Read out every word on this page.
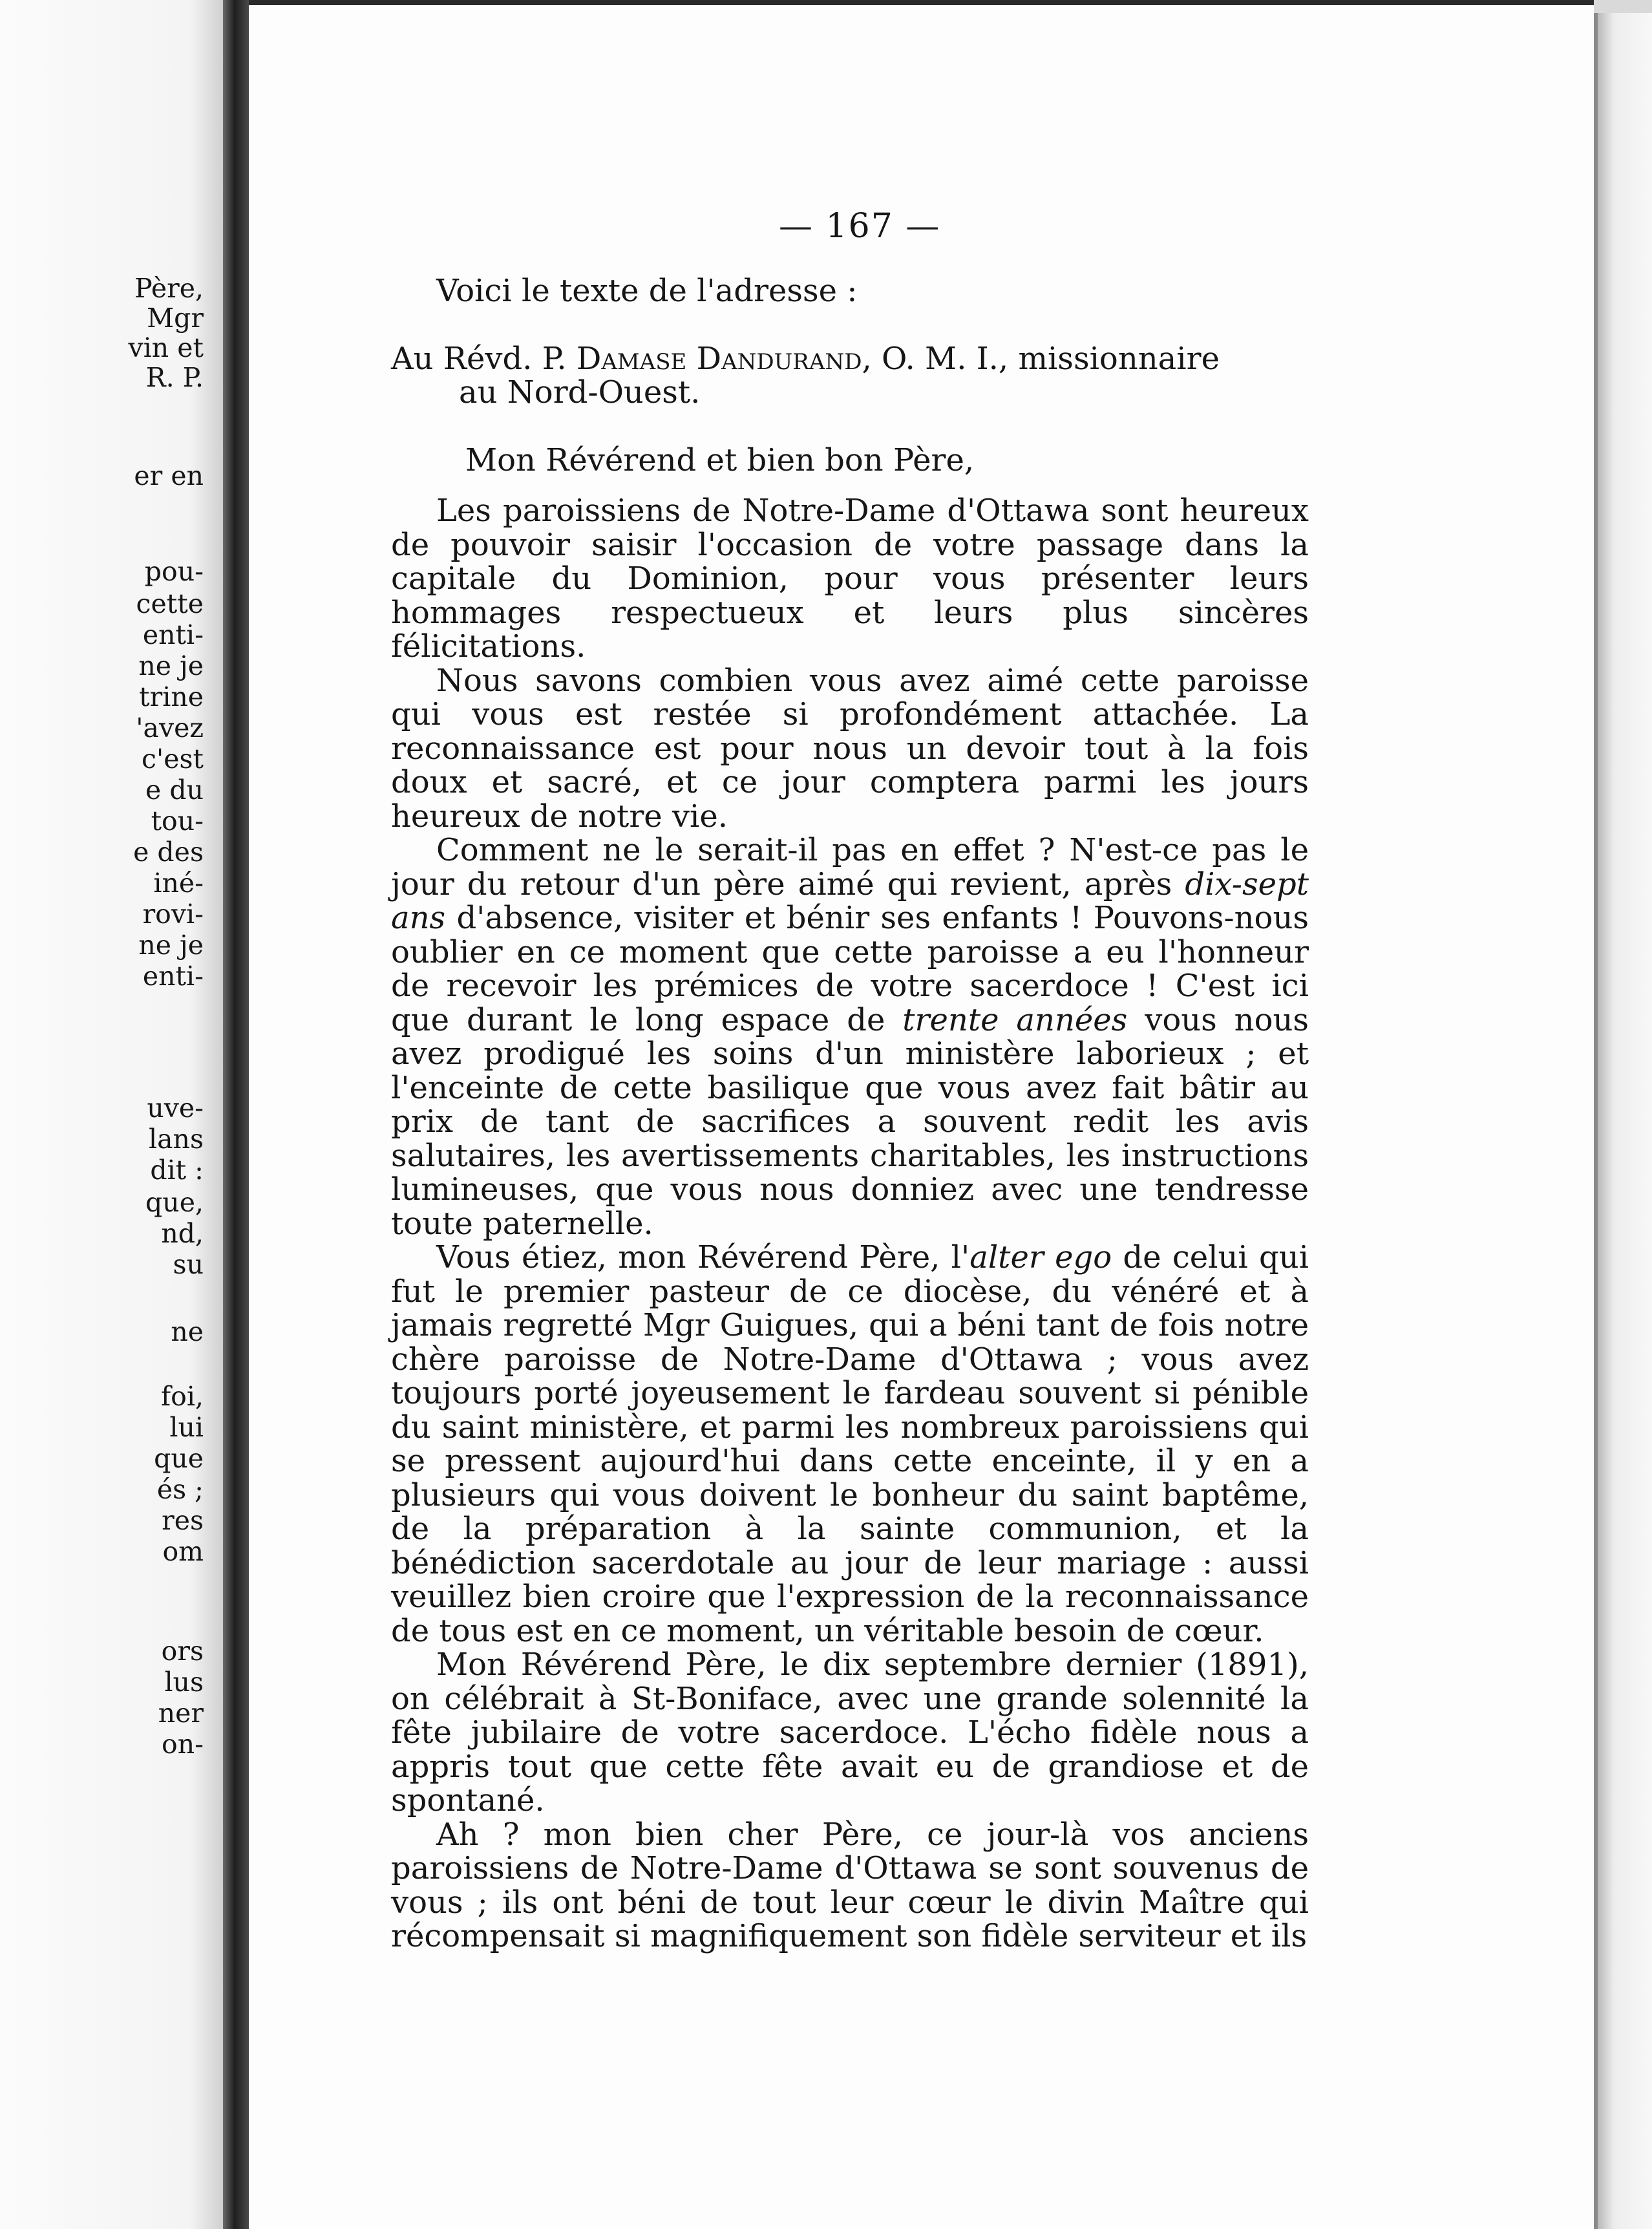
Père,

Mgr

vin et

R. P.

er en

pou-

cette

enti-

ne je

trine

'avez

c'est

e du

tou-

e des

iné-

rovi-

ne je

enti-

uve-

lans

dit :

que,

nd,

su

ne

foi,

lui

que

és ;

res

om

ors

lus

ner

on-

— 167 —

Voici le texte de l'adresse :

Au Révd. P. Damase Dandurand, O. M. I., missionnaire
au Nord-Ouest.

Mon Révérend et bien bon Père,

Les paroissiens de Notre-Dame d'Ottawa sont heureux de pouvoir saisir l'occasion de votre passage dans la capitale du Dominion, pour vous présenter leurs hommages respectueux et leurs plus sincères félicitations.

Nous savons combien vous avez aimé cette paroisse qui vous est restée si profondément attachée. La reconnaissance est pour nous un devoir tout à la fois doux et sacré, et ce jour comptera parmi les jours heureux de notre vie.

Comment ne le serait-il pas en effet ? N'est-ce pas le jour du retour d'un père aimé qui revient, après dix-sept ans d'absence, visiter et bénir ses enfants ! Pouvons-nous oublier en ce moment que cette paroisse a eu l'honneur de recevoir les prémices de votre sacerdoce ! C'est ici que durant le long espace de trente années vous nous avez prodigué les soins d'un ministère laborieux ; et l'enceinte de cette basilique que vous avez fait bâtir au prix de tant de sacrifices a souvent redit les avis salutaires, les avertissements charitables, les instructions lumineuses, que vous nous donniez avec une tendresse toute paternelle.

Vous étiez, mon Révérend Père, l'alter ego de celui qui fut le premier pasteur de ce diocèse, du vénéré et à jamais regretté Mgr Guigues, qui a béni tant de fois notre chère paroisse de Notre-Dame d'Ottawa ; vous avez toujours porté joyeusement le fardeau souvent si pénible du saint ministère, et parmi les nombreux paroissiens qui se pressent aujourd'hui dans cette enceinte, il y en a plusieurs qui vous doivent le bonheur du saint baptême, de la préparation à la sainte communion, et la bénédiction sacerdotale au jour de leur mariage : aussi veuillez bien croire que l'expression de la reconnaissance de tous est en ce moment, un véritable besoin de cœur.

Mon Révérend Père, le dix septembre dernier (1891), on célébrait à St-Boniface, avec une grande solennité la fête jubilaire de votre sacerdoce. L'écho fidèle nous a appris tout que cette fête avait eu de grandiose et de spontané.

Ah ? mon bien cher Père, ce jour-là vos anciens paroissiens de Notre-Dame d'Ottawa se sont souvenus de vous ; ils ont béni de tout leur cœur le divin Maître qui récompensait si magnifiquement son fidèle serviteur et ils
